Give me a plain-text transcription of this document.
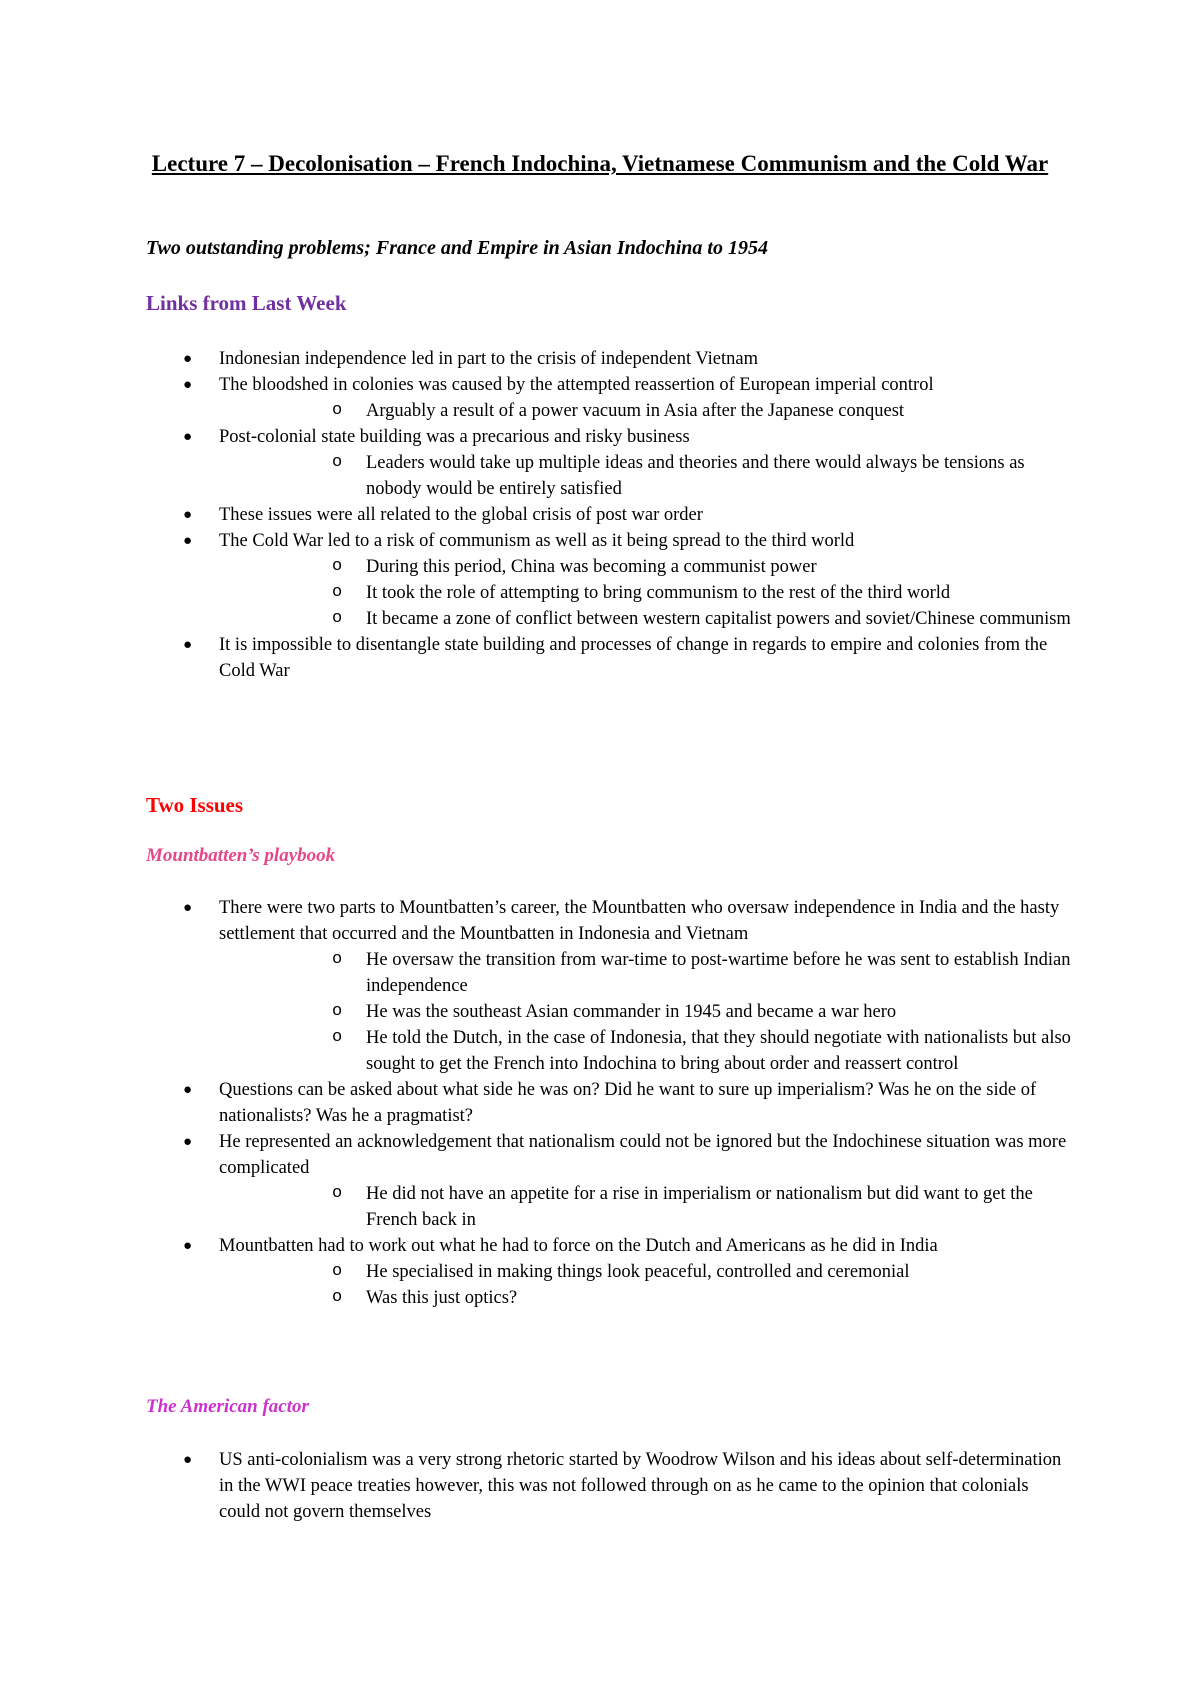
Lecture 7 – Decolonisation – French Indochina, Vietnamese Communism and the Cold War

Two outstanding problems; France and Empire in Asian Indochina to 1954

Links from Last Week
● Indonesian independence led in part to the crisis of independent Vietnam
● The bloodshed in colonies was caused by the attempted reassertion of European imperial control
o Arguably a result of a power vacuum in Asia after the Japanese conquest
● Post-colonial state building was a precarious and risky business
o Leaders would take up multiple ideas and theories and there would always be tensions as nobody would be entirely satisfied
● These issues were all related to the global crisis of post war order
● The Cold War led to a risk of communism as well as it being spread to the third world
o During this period, China was becoming a communist power
o It took the role of attempting to bring communism to the rest of the third world
o It became a zone of conflict between western capitalist powers and soviet/Chinese communism
● It is impossible to disentangle state building and processes of change in regards to empire and colonies from the Cold War
Two Issues
Mountbatten’s playbook
● There were two parts to Mountbatten’s career, the Mountbatten who oversaw independence in India and the hasty settlement that occurred and the Mountbatten in Indonesia and Vietnam
o He oversaw the transition from war-time to post-wartime before he was sent to establish Indian independence
o He was the southeast Asian commander in 1945 and became a war hero
o He told the Dutch, in the case of Indonesia, that they should negotiate with nationalists but also sought to get the French into Indochina to bring about order and reassert control
● Questions can be asked about what side he was on? Did he want to sure up imperialism? Was he on the side of nationalists? Was he a pragmatist?
● He represented an acknowledgement that nationalism could not be ignored but the Indochinese situation was more complicated
o He did not have an appetite for a rise in imperialism or nationalism but did want to get the French back in
● Mountbatten had to work out what he had to force on the Dutch and Americans as he did in India
o He specialised in making things look peaceful, controlled and ceremonial
o Was this just optics?
The American factor
● US anti-colonialism was a very strong rhetoric started by Woodrow Wilson and his ideas about self-determination in the WWI peace treaties however, this was not followed through on as he came to the opinion that colonials could not govern themselves
